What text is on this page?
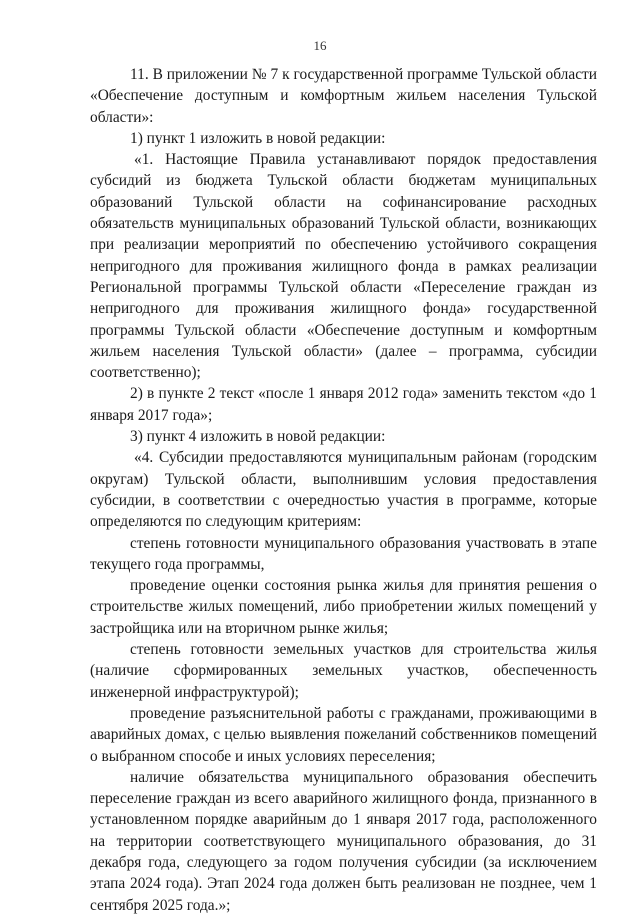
16

11. В приложении № 7 к государственной программе Тульской области «Обеспечение доступным и комфортным жильем населения Тульской области»:

1) пункт 1 изложить в новой редакции:

«1. Настоящие Правила устанавливают порядок предоставления субсидий из бюджета Тульской области бюджетам муниципальных образований Тульской области на софинансирование расходных обязательств муниципальных образований Тульской области, возникающих при реализации мероприятий по обеспечению устойчивого сокращения непригодного для проживания жилищного фонда в рамках реализации Региональной программы Тульской области «Переселение граждан из непригодного для проживания жилищного фонда» государственной программы Тульской области «Обеспечение доступным и комфортным жильем населения Тульской области» (далее – программа, субсидии соответственно);

2) в пункте 2 текст «после 1 января 2012 года» заменить текстом «до 1 января 2017 года»;

3) пункт 4 изложить в новой редакции:

«4. Субсидии предоставляются муниципальным районам (городским округам) Тульской области, выполнившим условия предоставления субсидии, в соответствии с очередностью участия в программе, которые определяются по следующим критериям:

степень готовности муниципального образования участвовать в этапе текущего года программы,

проведение оценки состояния рынка жилья для принятия решения о строительстве жилых помещений, либо приобретении жилых помещений у застройщика или на вторичном рынке жилья;

степень готовности земельных участков для строительства жилья (наличие сформированных земельных участков, обеспеченность инженерной инфраструктурой);

проведение разъяснительной работы с гражданами, проживающими в аварийных домах, с целью выявления пожеланий собственников помещений о выбранном способе и иных условиях переселения;

наличие обязательства муниципального образования обеспечить переселение граждан из всего аварийного жилищного фонда, признанного в установленном порядке аварийным до 1 января 2017 года, расположенного на территории соответствующего муниципального образования, до 31 декабря года, следующего за годом получения субсидии (за исключением этапа 2024 года). Этап 2024 года должен быть реализован не позднее, чем 1 сентября 2025 года.»;
